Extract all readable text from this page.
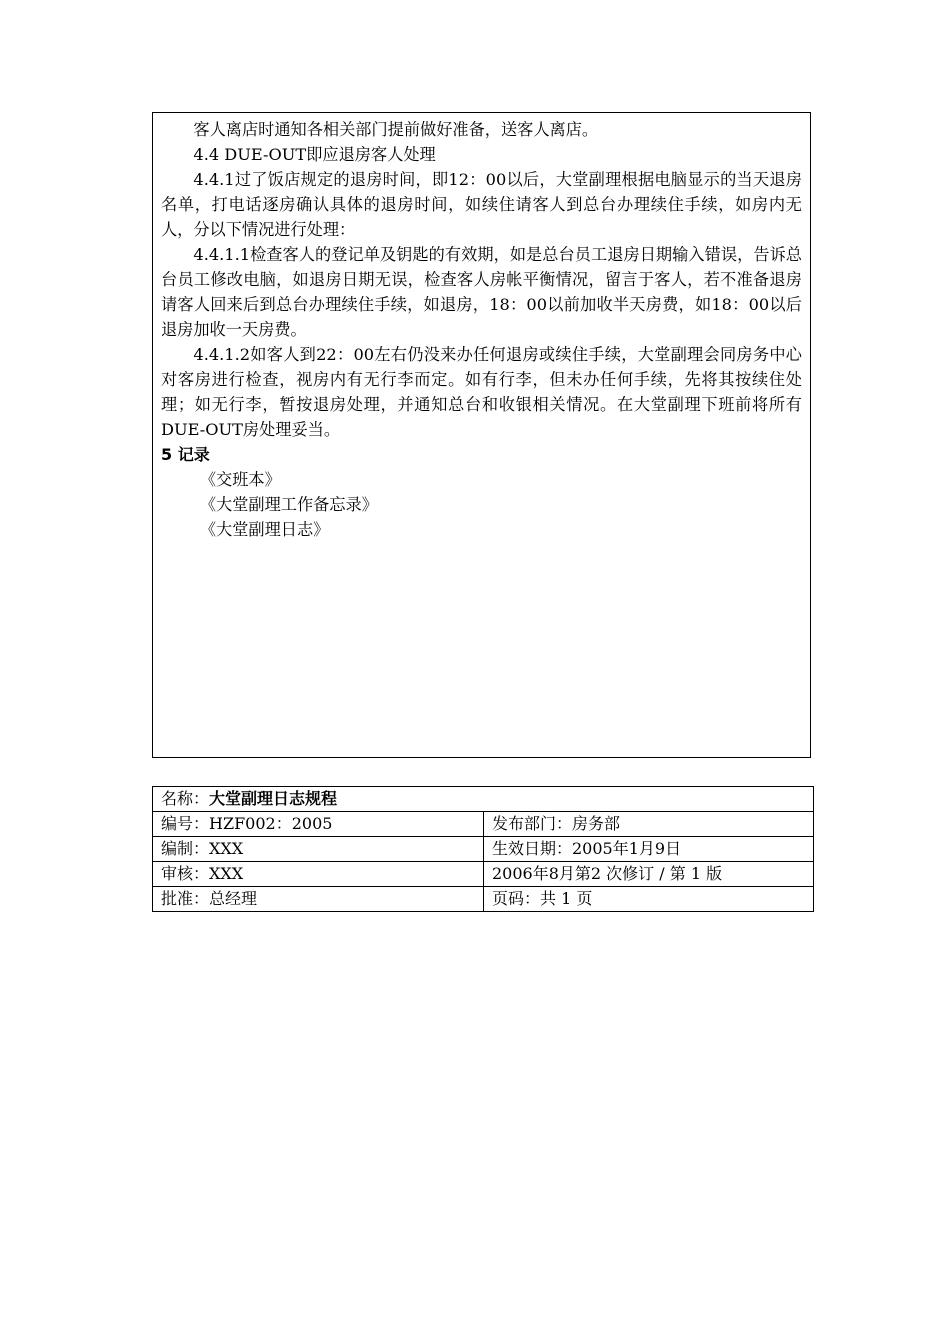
客人离店时通知各相关部门提前做好准备，送客人离店。

4.4 DUE-OUT即应退房客人处理

4.4.1过了饭店规定的退房时间，即12：00以后，大堂副理根据电脑显示的当天退房名单，打电话逐房确认具体的退房时间，如续住请客人到总台办理续住手续，如房内无人，分以下情况进行处理：

4.4.1.1检查客人的登记单及钥匙的有效期，如是总台员工退房日期输入错误，告诉总台员工修改电脑，如退房日期无误，检查客人房帐平衡情况，留言于客人，若不准备退房请客人回来后到总台办理续住手续，如退房，18：00以前加收半天房费，如18：00以后退房加收一天房费。

4.4.1.2如客人到22：00左右仍没来办任何退房或续住手续，大堂副理会同房务中心对客房进行检查，视房内有无行李而定。如有行李，但未办任何手续，先将其按续住处理；如无行李，暂按退房处理，并通知总台和收银相关情况。在大堂副理下班前将所有DUE-OUT房处理妥当。

5 记录

《交班本》

《大堂副理工作备忘录》

《大堂副理日志》

名称：大堂副理日志规程	
编号：HZF002：2005	发布部门：房务部
编制：XXX	生效日期：2005年1月9日
审核：XXX	2006年8月第2 次修订 / 第 1 版
批准：总经理	页码：共 1 页
